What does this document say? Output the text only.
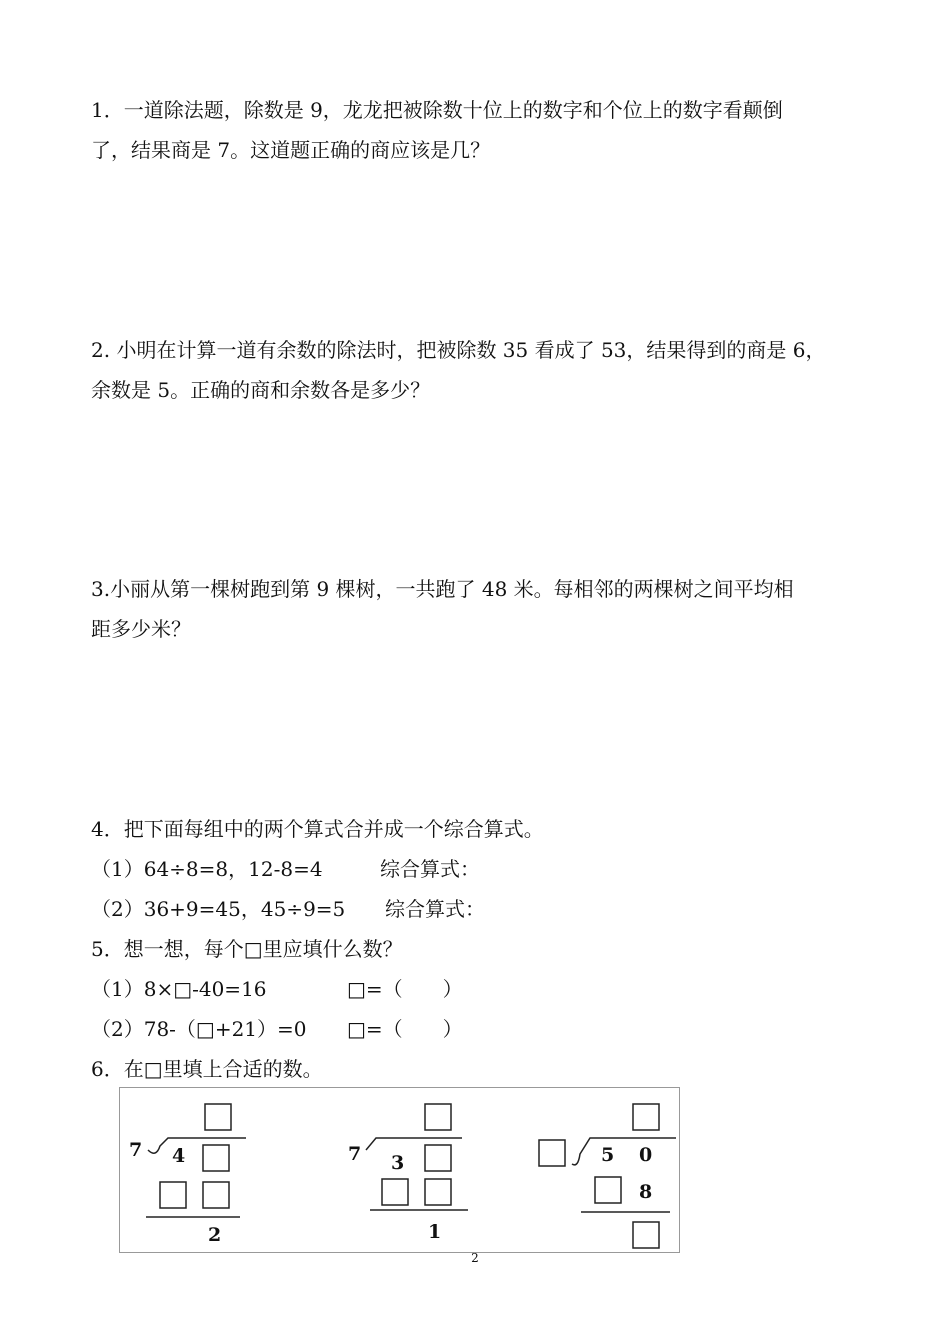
1．一道除法题，除数是 9，龙龙把被除数十位上的数字和个位上的数字看颠倒
了，结果商是 7。这道题正确的商应该是几？
2. 小明在计算一道有余数的除法时，把被除数 35 看成了 53，结果得到的商是 6，
余数是 5。正确的商和余数各是多少？
3.小丽从第一棵树跑到第 9 棵树，一共跑了 48 米。每相邻的两棵树之间平均相
距多少米？
4．把下面每组中的两个算式合并成一个综合算式。
（1）64÷8=8，12-8=4	综合算式：
（2）36+9=45，45÷9=5 综合算式：
5．想一想，每个□里应填什么数？
（1）8×□-40=16	□=（　　）
（2）78-（□+21）=0 □=（　　）
6．在□里填上合适的数。
7 4
2
7 3
1
5 0
8
2
